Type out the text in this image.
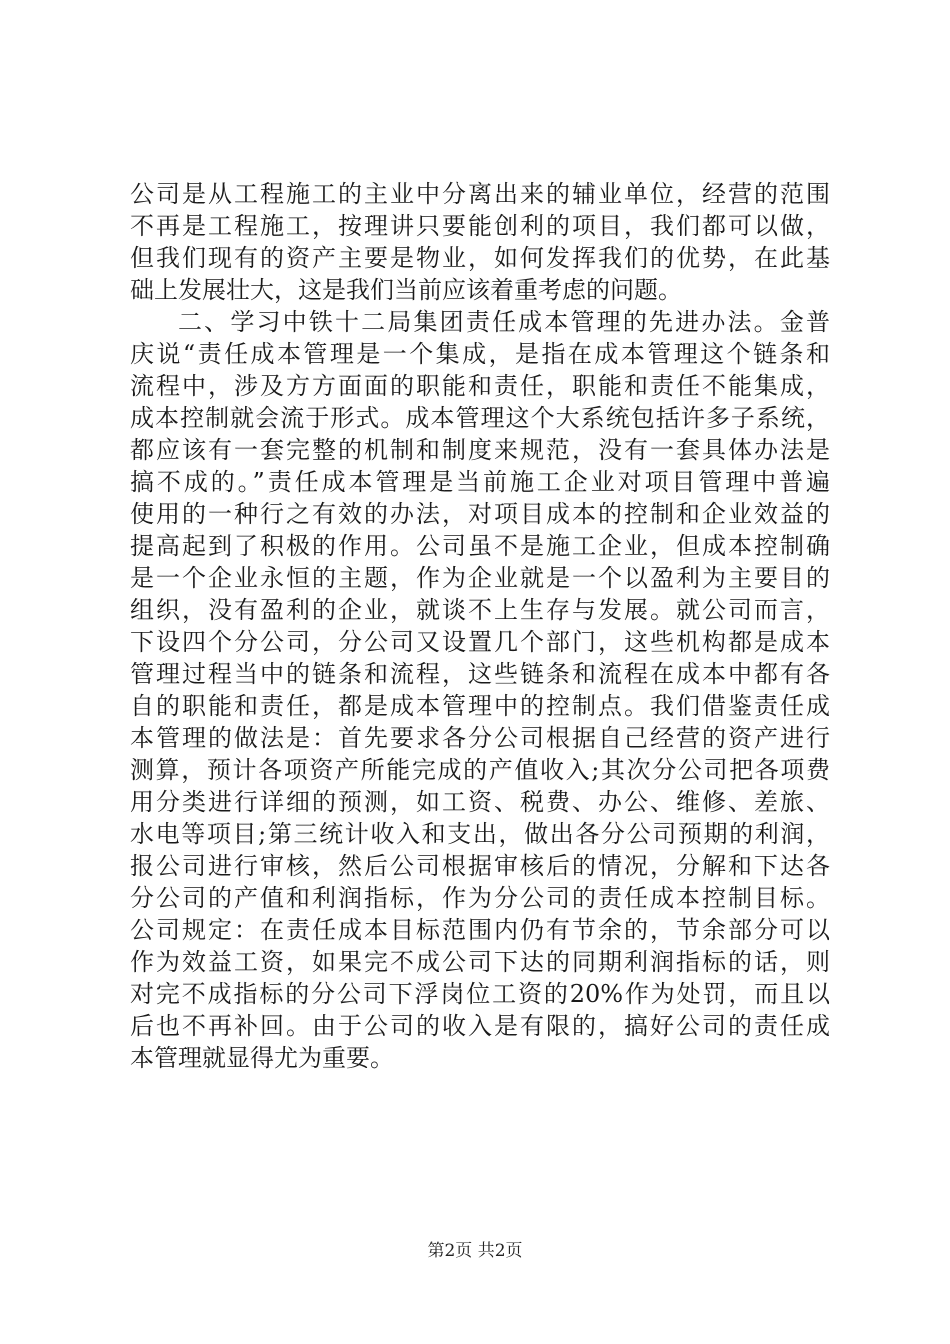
公司是从工程施工的主业中分离出来的辅业单位，经营的范围
不再是工程施工，按理讲只要能创利的项目，我们都可以做，
但我们现有的资产主要是物业，如何发挥我们的优势，在此基
础上发展壮大，这是我们当前应该着重考虑的问题。
二、学习中铁十二局集团责任成本管理的先进办法。金普
庆说“责任成本管理是一个集成，是指在成本管理这个链条和
流程中，涉及方方面面的职能和责任，职能和责任不能集成，
成本控制就会流于形式。成本管理这个大系统包括许多子系统，
都应该有一套完整的机制和制度来规范，没有一套具体办法是
搞不成的。”责任成本管理是当前施工企业对项目管理中普遍
使用的一种行之有效的办法，对项目成本的控制和企业效益的
提高起到了积极的作用。公司虽不是施工企业，但成本控制确
是一个企业永恒的主题，作为企业就是一个以盈利为主要目的
组织，没有盈利的企业，就谈不上生存与发展。就公司而言，
下设四个分公司，分公司又设置几个部门，这些机构都是成本
管理过程当中的链条和流程，这些链条和流程在成本中都有各
自的职能和责任，都是成本管理中的控制点。我们借鉴责任成
本管理的做法是：首先要求各分公司根据自己经营的资产进行
测算，预计各项资产所能完成的产值收入;其次分公司把各项费
用分类进行详细的预测，如工资、税费、办公、维修、差旅、
水电等项目;第三统计收入和支出，做出各分公司预期的利润，
报公司进行审核，然后公司根据审核后的情况，分解和下达各
分公司的产值和利润指标，作为分公司的责任成本控制目标。
公司规定：在责任成本目标范围内仍有节余的，节余部分可以
作为效益工资，如果完不成公司下达的同期利润指标的话，则
对完不成指标的分公司下浮岗位工资的20%作为处罚，而且以
后也不再补回。由于公司的收入是有限的，搞好公司的责任成
本管理就显得尤为重要。
第2页 共2页
